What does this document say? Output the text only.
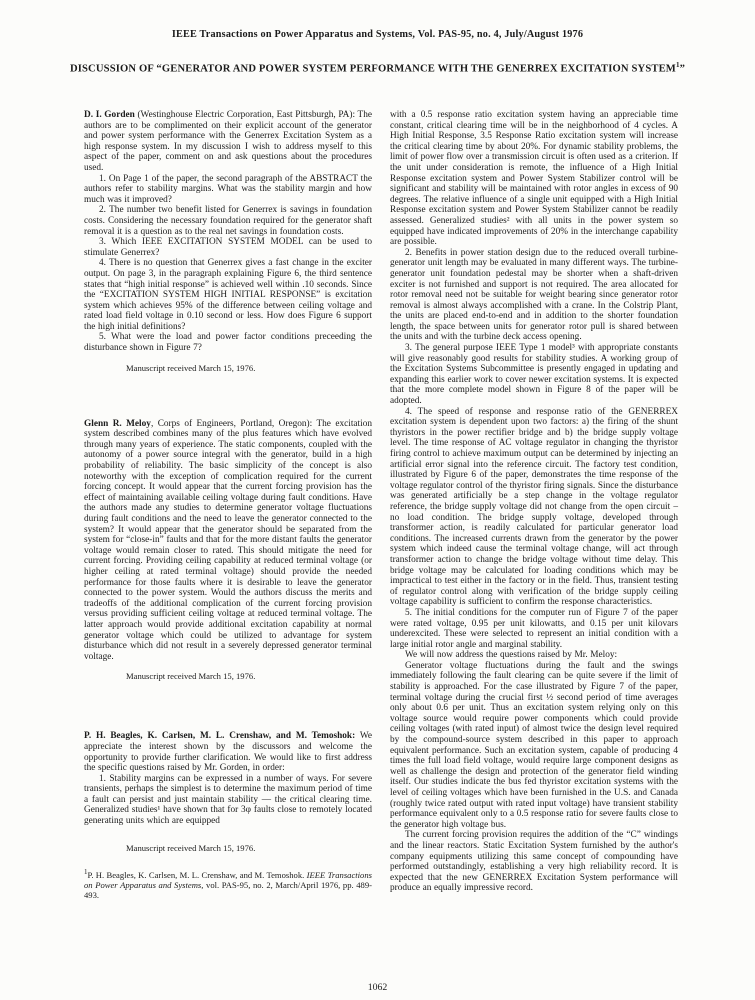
IEEE Transactions on Power Apparatus and Systems, Vol. PAS-95, no. 4, July/August 1976
DISCUSSION OF “GENERATOR AND POWER SYSTEM PERFORMANCE WITH THE GENERREX EXCITATION SYSTEM$^1$”

D. I. Gorden (Westinghouse Electric Corporation, East Pittsburgh, PA): The authors are to be complimented on their explicit account of the generator and power system performance with the Generrex Excitation System as a high response system. In my discussion I wish to address myself to this aspect of the paper, comment on and ask questions about the procedures used.

1. On Page 1 of the paper, the second paragraph of the ABSTRACT the authors refer to stability margins. What was the stability margin and how much was it improved?

2. The number two benefit listed for Generrex is savings in foundation costs. Considering the necessary foundation required for the generator shaft removal it is a question as to the real net savings in foundation costs.

3. Which IEEE EXCITATION SYSTEM MODEL can be used to stimulate Generrex?

4. There is no question that Generrex gives a fast change in the exciter output. On page 3, in the paragraph explaining Figure 6, the third sentence states that “high initial response” is achieved well within .10 seconds. Since the “EXCITATION SYSTEM HIGH INITIAL RESPONSE” is excitation system which achieves 95% of the difference between ceiling voltage and rated load field voltage in 0.10 second or less. How does Figure 6 support the high initial definitions?

5. What were the load and power factor conditions preceeding the disturbance shown in Figure 7?

Manuscript received March 15, 1976.

Glenn R. Meloy, Corps of Engineers, Portland, Oregon): The excitation system described combines many of the plus features which have evolved through many years of experience. The static components, coupled with the autonomy of a power source integral with the generator, build in a high probability of reliability. The basic simplicity of the concept is also noteworthy with the exception of complication required for the current forcing concept. It would appear that the current forcing provision has the effect of maintaining available ceiling voltage during fault conditions. Have the authors made any studies to determine generator voltage fluctuations during fault conditions and the need to leave the generator connected to the system? It would appear that the generator should be separated from the system for “close-in” faults and that for the more distant faults the generator voltage would remain closer to rated. This should mitigate the need for current forcing. Providing ceiling capability at reduced terminal voltage (or higher ceiling at rated terminal voltage) should provide the needed performance for those faults where it is desirable to leave the generator connected to the power system. Would the authors discuss the merits and tradeoffs of the additional complication of the current forcing provision versus providing sufficient ceiling voltage at reduced terminal voltage. The latter approach would provide additional excitation capability at normal generator voltage which could be utilized to advantage for system disturbance which did not result in a severely depressed generator terminal voltage.

Manuscript received March 15, 1976.

P. H. Beagles, K. Carlsen, M. L. Crenshaw, and M. Temoshok: We appreciate the interest shown by the discussors and welcome the opportunity to provide further clarification. We would like to first address the specific questions raised by Mr. Gorden, in order:

1. Stability margins can be expressed in a number of ways. For severe transients, perhaps the simplest is to determine the maximum period of time a fault can persist and just maintain stability — the critical clearing time. Generalized studies¹ have shown that for 3φ faults close to remotely located generating units which are equipped

Manuscript received March 15, 1976.

$^1$P. H. Beagles, K. Carlsen, M. L. Crenshaw, and M. Temoshok. IEEE Transactions on Power Apparatus and Systems, vol. PAS-95, no. 2, March/April 1976, pp. 489-493.

with a 0.5 response ratio excitation system having an appreciable time constant, critical clearing time will be in the neighborhood of 4 cycles. A High Initial Response, 3.5 Response Ratio excitation system will increase the critical clearing time by about 20%. For dynamic stability problems, the limit of power flow over a transmission circuit is often used as a criterion. If the unit under consideration is remote, the influence of a High Initial Response excitation system and Power System Stabilizer control will be significant and stability will be maintained with rotor angles in excess of 90 degrees. The relative influence of a single unit equipped with a High Initial Response excitation system and Power System Stabilizer cannot be readily assessed. Generalized studies² with all units in the power system so equipped have indicated improvements of 20% in the interchange capability are possible.

2. Benefits in power station design due to the reduced overall turbine-generator unit length may be evaluated in many different ways. The turbine-generator unit foundation pedestal may be shorter when a shaft-driven exciter is not furnished and support is not required. The area allocated for rotor removal need not be suitable for weight bearing since generator rotor removal is almost always accomplished with a crane. In the Colstrip Plant, the units are placed end-to-end and in addition to the shorter foundation length, the space between units for generator rotor pull is shared between the units and with the turbine deck access opening.

3. The general purpose IEEE Type 1 model³ with appropriate constants will give reasonably good results for stability studies. A working group of the Excitation Systems Subcommittee is presently engaged in updating and expanding this earlier work to cover newer excitation systems. It is expected that the more complete model shown in Figure 8 of the paper will be adopted.

4. The speed of response and response ratio of the GENERREX excitation system is dependent upon two factors: a) the firing of the shunt thyristors in the power rectifier bridge and b) the bridge supply voltage level. The time response of AC voltage regulator in changing the thyristor firing control to achieve maximum output can be determined by injecting an artificial error signal into the reference circuit. The factory test condition, illustrated by Figure 6 of the paper, demonstrates the time response of the voltage regulator control of the thyristor firing signals. Since the disturbance was generated artificially be a step change in the voltage regulator reference, the bridge supply voltage did not change from the open circuit – no load condition. The bridge supply voltage, developed through transformer action, is readily calculated for particular generator load conditions. The increased currents drawn from the generator by the power system which indeed cause the terminal voltage change, will act through transformer action to change the bridge voltage without time delay. This bridge voltage may be calculated for loading conditions which may be impractical to test either in the factory or in the field. Thus, transient testing of regulator control along with verification of the bridge supply ceiling voltage capability is sufficient to confirm the response characteristics.

5. The initial conditions for the computer run of Figure 7 of the paper were rated voltage, 0.95 per unit kilowatts, and 0.15 per unit kilovars underexcited. These were selected to represent an initial condition with a large initial rotor angle and marginal stability.

We will now address the questions raised by Mr. Meloy:

Generator voltage fluctuations during the fault and the swings immediately following the fault clearing can be quite severe if the limit of stability is approached. For the case illustrated by Figure 7 of the paper, terminal voltage during the crucial first ½ second period of time averages only about 0.6 per unit. Thus an excitation system relying only on this voltage source would require power components which could provide ceiling voltages (with rated input) of almost twice the design level required by the compound-source system described in this paper to approach equivalent performance. Such an excitation system, capable of producing 4 times the full load field voltage, would require large component designs as well as challenge the design and protection of the generator field winding itself. Our studies indicate the bus fed thyristor excitation systems with the level of ceiling voltages which have been furnished in the U.S. and Canada (roughly twice rated output with rated input voltage) have transient stability performance equivalent only to a 0.5 response ratio for severe faults close to the generator high voltage bus.

The current forcing provision requires the addition of the “C” windings and the linear reactors. Static Excitation System furnished by the author's company equipments utilizing this same concept of compounding have performed outstandingly, establishing a very high reliability record. It is expected that the new GENERREX Excitation System performance will produce an equally impressive record.

1062
